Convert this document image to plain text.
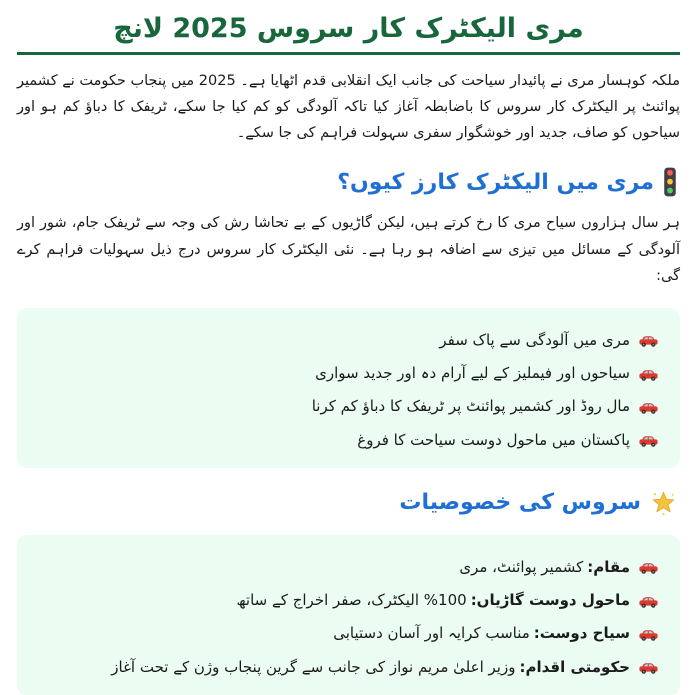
مری الیکٹرک کار سروس 2025 لانچ

ملکہ کوہسار مری نے پائیدار سیاحت کی جانب ایک انقلابی قدم اٹھایا ہے۔ 2025 میں پنجاب حکومت نے کشمیر پوائنٹ پر الیکٹرک کار سروس کا باضابطہ آغاز کیا تاکہ آلودگی کو کم کیا جا سکے، ٹریفک کا دباؤ کم ہو اور سیاحوں کو صاف، جدید اور خوشگوار سفری سہولت فراہم کی جا سکے۔

مری میں الیکٹرک کارز کیوں؟

ہر سال ہزاروں سیاح مری کا رخ کرتے ہیں، لیکن گاڑیوں کے بے تحاشا رش کی وجہ سے ٹریفک جام، شور اور آلودگی کے مسائل میں تیزی سے اضافہ ہو رہا ہے۔ نئی الیکٹرک کار سروس درج ذیل سہولیات فراہم کرے گی:

مری میں آلودگی سے پاک سفر
سیاحوں اور فیملیز کے لیے آرام دہ اور جدید سواری
مال روڈ اور کشمیر پوائنٹ پر ٹریفک کا دباؤ کم کرنا
پاکستان میں ماحول دوست سیاحت کا فروغ
سروس کی خصوصیات
مقام:کشمیر پوائنٹ، مری
ماحول دوست گاڑیاں:100% الیکٹرک، صفر اخراج کے ساتھ
سیاح دوست:مناسب کرایہ اور آسان دستیابی
حکومتی اقدام:وزیر اعلیٰ مریم نواز کی جانب سے گرین پنجاب وژن کے تحت آغاز
